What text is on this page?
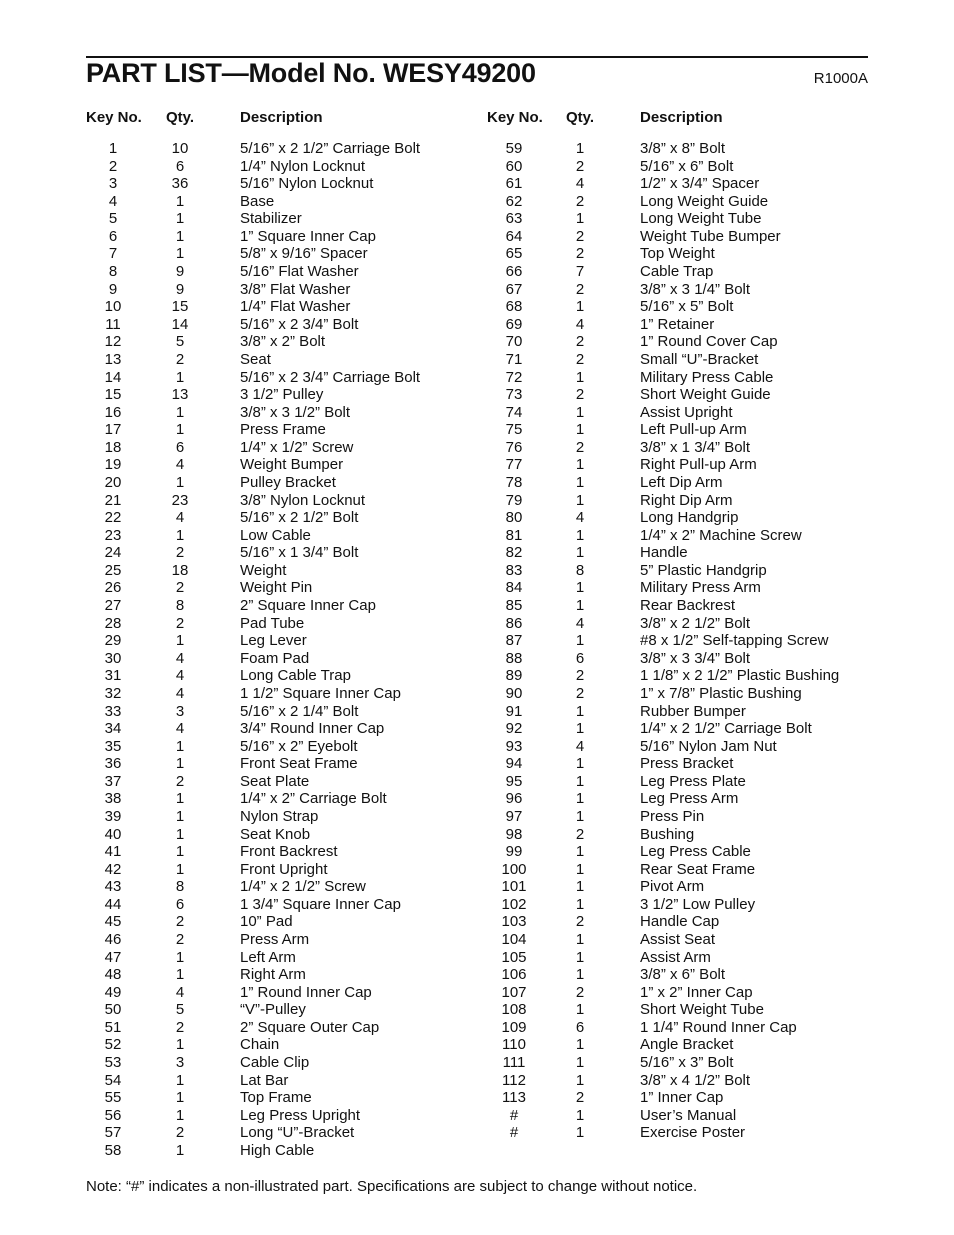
PART LIST—Model No. WESY49200	R1000A
Key No. Qty.	Description	Key No. Qty.	Description
1	10	5/16” x 2 1/2” Carriage Bolt
2	6	1/4” Nylon Locknut
3	36	5/16” Nylon Locknut
4	1	Base
5	1	Stabilizer
6	1	1” Square Inner Cap
7	1	5/8” x 9/16” Spacer
8	9	5/16” Flat Washer
9	9	3/8” Flat Washer
10	15	1/4” Flat Washer
11	14	5/16” x 2 3/4” Bolt
12	5	3/8” x 2” Bolt
13	2	Seat
14	1	5/16” x 2 3/4” Carriage Bolt
15	13	3 1/2” Pulley
16	1	3/8” x 3 1/2” Bolt
17	1	Press Frame
18	6	1/4” x 1/2” Screw
19	4	Weight Bumper
20	1	Pulley Bracket
21	23	3/8” Nylon Locknut
22	4	5/16” x 2 1/2” Bolt
23	1	Low Cable
24	2	5/16” x 1 3/4” Bolt
25	18	Weight
26	2	Weight Pin
27	8	2” Square Inner Cap
28	2	Pad Tube
29	1	Leg Lever
30	4	Foam Pad
31	4	Long Cable Trap
32	4	1 1/2” Square Inner Cap
33	3	5/16” x 2 1/4” Bolt
34	4	3/4” Round Inner Cap
35	1	5/16” x 2” Eyebolt
36	1	Front Seat Frame
37	2	Seat Plate
38	1	1/4” x 2” Carriage Bolt
39	1	Nylon Strap
40	1	Seat Knob
41	1	Front Backrest
42	1	Front Upright
43	8	1/4” x 2 1/2” Screw
44	6	1 3/4” Square Inner Cap
45	2	10” Pad
46	2	Press Arm
47	1	Left Arm
48	1	Right Arm
49	4	1” Round Inner Cap
50	5	“V”-Pulley
51	2	2” Square Outer Cap
52	1	Chain
53	3	Cable Clip
54	1	Lat Bar
55	1	Top Frame
56	1	Leg Press Upright
57	2	Long “U”-Bracket
58	1	High Cable
59	1	3/8” x 8” Bolt
60	2	5/16” x 6” Bolt
61	4	1/2” x 3/4” Spacer
62	2	Long Weight Guide
63	1	Long Weight Tube
64	2	Weight Tube Bumper
65	2	Top Weight
66	7	Cable Trap
67	2	3/8” x 3 1/4” Bolt
68	1	5/16” x 5” Bolt
69	4	1” Retainer
70	2	1” Round Cover Cap
71	2	Small “U”-Bracket
72	1	Military Press Cable
73	2	Short Weight Guide
74	1	Assist Upright
75	1	Left Pull-up Arm
76	2	3/8” x 1 3/4” Bolt
77	1	Right Pull-up Arm
78	1	Left Dip Arm
79	1	Right Dip Arm
80	4	Long Handgrip
81	1	1/4” x 2” Machine Screw
82	1	Handle
83	8	5” Plastic Handgrip
84	1	Military Press Arm
85	1	Rear Backrest
86	4	3/8” x 2 1/2” Bolt
87	1	#8 x 1/2” Self-tapping Screw
88	6	3/8” x 3 3/4” Bolt
89	2	1 1/8” x 2 1/2” Plastic Bushing
90	2	1” x 7/8” Plastic Bushing
91	1	Rubber Bumper
92	1	1/4” x 2 1/2” Carriage Bolt
93	4	5/16” Nylon Jam Nut
94	1	Press Bracket
95	1	Leg Press Plate
96	1	Leg Press Arm
97	1	Press Pin
98	2	Bushing
99	1	Leg Press Cable
100	1	Rear Seat Frame
101	1	Pivot Arm
102	1	3 1/2” Low Pulley
103	2	Handle Cap
104	1	Assist Seat
105	1	Assist Arm
106	1	3/8” x 6” Bolt
107	2	1” x 2” Inner Cap
108	1	Short Weight Tube
109	6	1 1/4” Round Inner Cap
110	1	Angle Bracket
111	1	5/16” x 3” Bolt
112	1	3/8” x 4 1/2” Bolt
113	2	1” Inner Cap
#	1	User’s Manual
#	1	Exercise Poster
Note: “#” indicates a non-illustrated part. Specifications are subject to change without notice.
